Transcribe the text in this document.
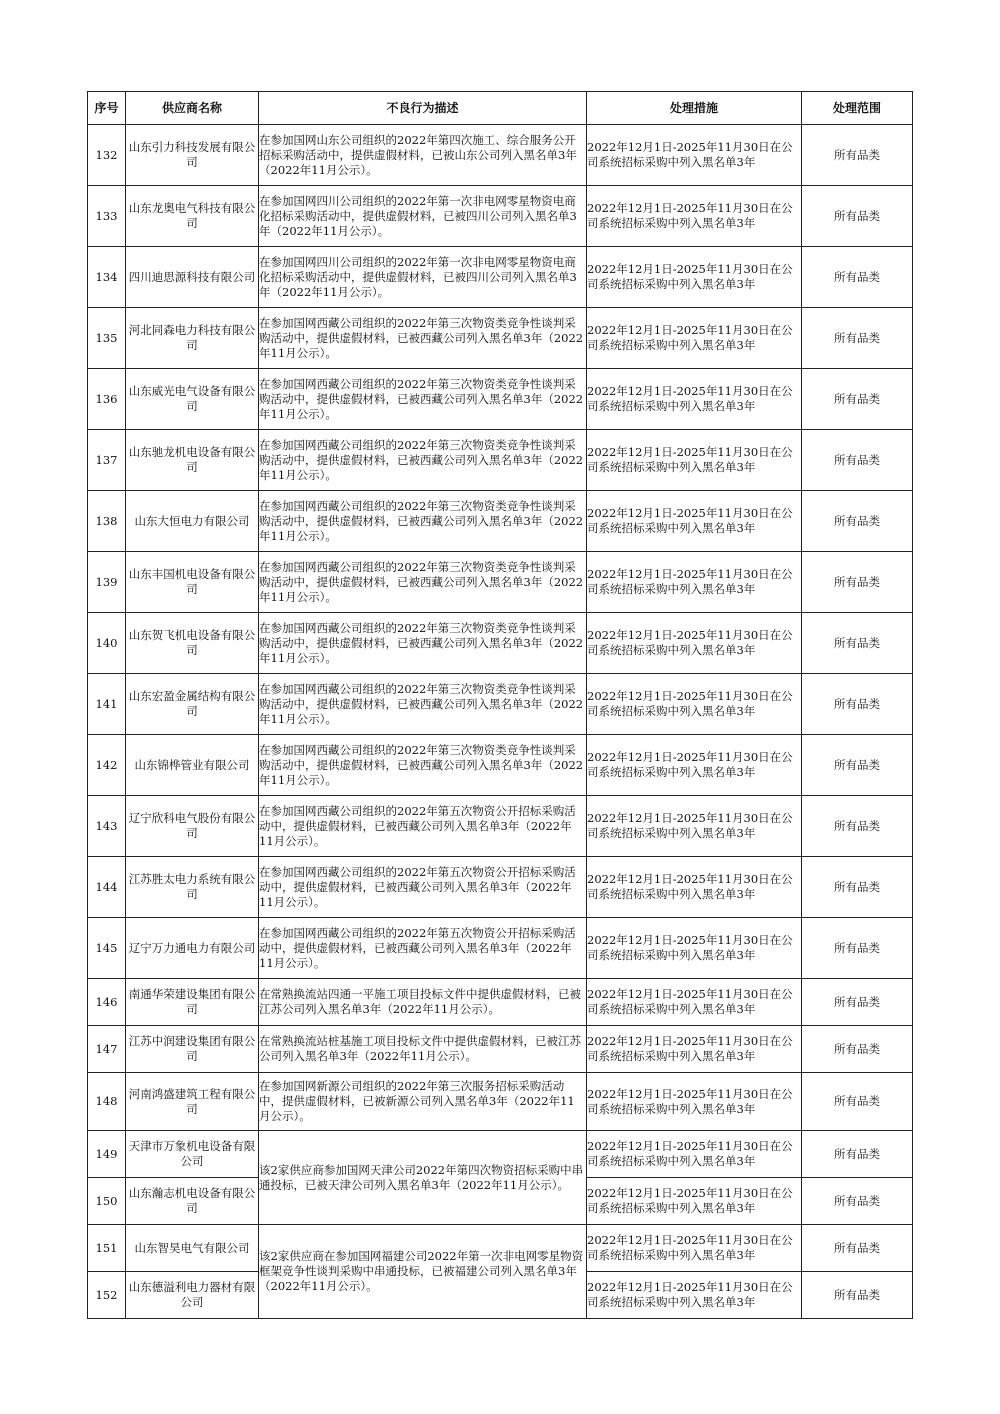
序号	供应商名称	不良行为描述	处理措施	处理范围
132	山东引力科技发展有限公司	在参加国网山东公司组织的2022年第四次施工、综合服务公开招标采购活动中，提供虚假材料，已被山东公司列入黑名单3年（2022年11月公示）。	2022年12月1日-2025年11月30日在公司系统招标采购中列入黑名单3年	所有品类
133	山东龙奥电气科技有限公司	在参加国网四川公司组织的2022年第一次非电网零星物资电商化招标采购活动中，提供虚假材料，已被四川公司列入黑名单3年（2022年11月公示）。	2022年12月1日-2025年11月30日在公司系统招标采购中列入黑名单3年	所有品类
134	四川迪思源科技有限公司	在参加国网四川公司组织的2022年第一次非电网零星物资电商化招标采购活动中，提供虚假材料，已被四川公司列入黑名单3年（2022年11月公示）。	2022年12月1日-2025年11月30日在公司系统招标采购中列入黑名单3年	所有品类
135	河北同森电力科技有限公司	在参加国网西藏公司组织的2022年第三次物资类竞争性谈判采购活动中，提供虚假材料，已被西藏公司列入黑名单3年（2022年11月公示）。	2022年12月1日-2025年11月30日在公司系统招标采购中列入黑名单3年	所有品类
136	山东威光电气设备有限公司	在参加国网西藏公司组织的2022年第三次物资类竞争性谈判采购活动中，提供虚假材料，已被西藏公司列入黑名单3年（2022年11月公示）。	2022年12月1日-2025年11月30日在公司系统招标采购中列入黑名单3年	所有品类
137	山东驰龙机电设备有限公司	在参加国网西藏公司组织的2022年第三次物资类竞争性谈判采购活动中，提供虚假材料，已被西藏公司列入黑名单3年（2022年11月公示）。	2022年12月1日-2025年11月30日在公司系统招标采购中列入黑名单3年	所有品类
138	山东大恒电力有限公司	在参加国网西藏公司组织的2022年第三次物资类竞争性谈判采购活动中，提供虚假材料，已被西藏公司列入黑名单3年（2022年11月公示）。	2022年12月1日-2025年11月30日在公司系统招标采购中列入黑名单3年	所有品类
139	山东丰国机电设备有限公司	在参加国网西藏公司组织的2022年第三次物资类竞争性谈判采购活动中，提供虚假材料，已被西藏公司列入黑名单3年（2022年11月公示）。	2022年12月1日-2025年11月30日在公司系统招标采购中列入黑名单3年	所有品类
140	山东贺飞机电设备有限公司	在参加国网西藏公司组织的2022年第三次物资类竞争性谈判采购活动中，提供虚假材料，已被西藏公司列入黑名单3年（2022年11月公示）。	2022年12月1日-2025年11月30日在公司系统招标采购中列入黑名单3年	所有品类
141	山东宏盈金属结构有限公司	在参加国网西藏公司组织的2022年第三次物资类竞争性谈判采购活动中，提供虚假材料，已被西藏公司列入黑名单3年（2022年11月公示）。	2022年12月1日-2025年11月30日在公司系统招标采购中列入黑名单3年	所有品类
142	山东锦桦管业有限公司	在参加国网西藏公司组织的2022年第三次物资类竞争性谈判采购活动中，提供虚假材料，已被西藏公司列入黑名单3年（2022年11月公示）。	2022年12月1日-2025年11月30日在公司系统招标采购中列入黑名单3年	所有品类
143	辽宁欣科电气股份有限公司	在参加国网西藏公司组织的2022年第五次物资公开招标采购活动中，提供虚假材料，已被西藏公司列入黑名单3年（2022年11月公示）。	2022年12月1日-2025年11月30日在公司系统招标采购中列入黑名单3年	所有品类
144	江苏胜太电力系统有限公司	在参加国网西藏公司组织的2022年第五次物资公开招标采购活动中，提供虚假材料，已被西藏公司列入黑名单3年（2022年11月公示）。	2022年12月1日-2025年11月30日在公司系统招标采购中列入黑名单3年	所有品类
145	辽宁万力通电力有限公司	在参加国网西藏公司组织的2022年第五次物资公开招标采购活动中，提供虚假材料，已被西藏公司列入黑名单3年（2022年11月公示）。	2022年12月1日-2025年11月30日在公司系统招标采购中列入黑名单3年	所有品类
146	南通华荣建设集团有限公司	在常熟换流站四通一平施工项目投标文件中提供虚假材料，已被江苏公司列入黑名单3年（2022年11月公示）。	2022年12月1日-2025年11月30日在公司系统招标采购中列入黑名单3年	所有品类
147	江苏中润建设集团有限公司	在常熟换流站桩基施工项目投标文件中提供虚假材料，已被江苏公司列入黑名单3年（2022年11月公示）。	2022年12月1日-2025年11月30日在公司系统招标采购中列入黑名单3年	所有品类
148	河南鸿盛建筑工程有限公司	在参加国网新源公司组织的2022年第三次服务招标采购活动中，提供虚假材料，已被新源公司列入黑名单3年（2022年11月公示）。	2022年12月1日-2025年11月30日在公司系统招标采购中列入黑名单3年	所有品类
149	天津市万象机电设备有限公司	该2家供应商参加国网天津公司2022年第四次物资招标采购中串通投标，已被天津公司列入黑名单3年（2022年11月公示）。	2022年12月1日-2025年11月30日在公司系统招标采购中列入黑名单3年	所有品类
150	山东瀚志机电设备有限公司		2022年12月1日-2025年11月30日在公司系统招标采购中列入黑名单3年	所有品类
151	山东智昊电气有限公司	该2家供应商在参加国网福建公司2022年第一次非电网零星物资框架竞争性谈判采购中串通投标，已被福建公司列入黑名单3年（2022年11月公示）。	2022年12月1日-2025年11月30日在公司系统招标采购中列入黑名单3年	所有品类
152	山东德溢利电力器材有限公司		2022年12月1日-2025年11月30日在公司系统招标采购中列入黑名单3年	所有品类
